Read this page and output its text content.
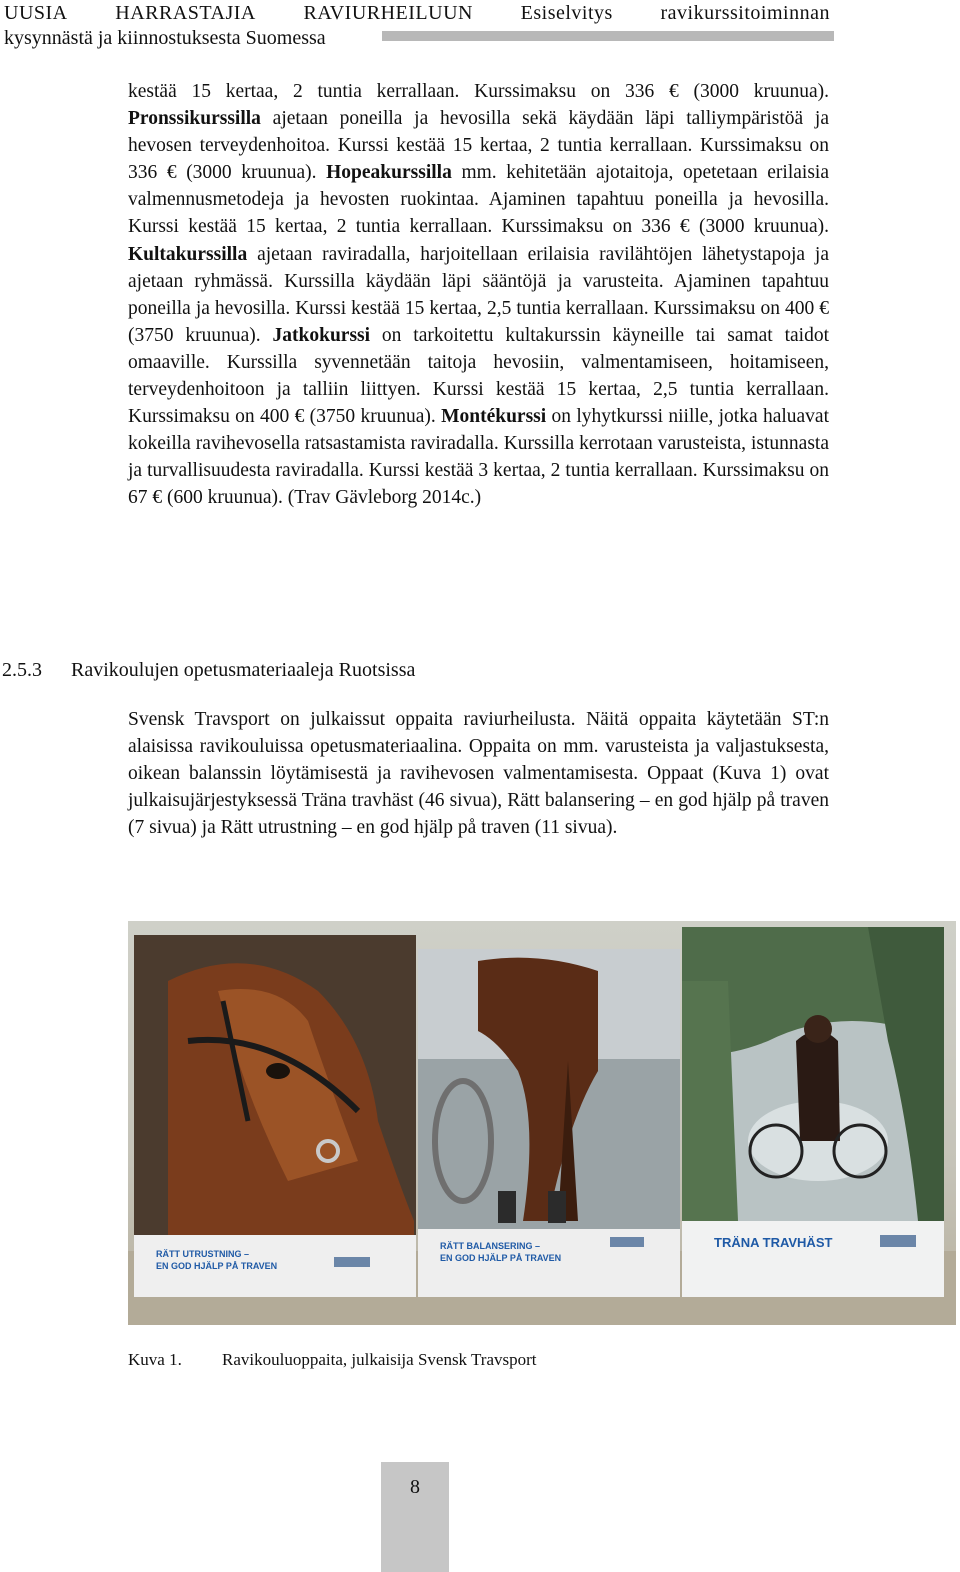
UUSIA HARRASTAJIA RAVIURHEILUUN Esiselvitys ravikurssitoiminnan
kysynnästä ja kiinnostuksesta Suomessa
kestää 15 kertaa, 2 tuntia kerrallaan. Kurssimaksu on 336 € (3000 kruunua). Pronssikurssilla ajetaan poneilla ja hevosilla sekä käydään läpi talliympäristöä ja hevosen terveydenhoitoa. Kurssi kestää 15 kertaa, 2 tuntia kerrallaan. Kurssimaksu on 336 € (3000 kruunua). Hopeakurssilla mm. kehitetään ajotaitoja, opetetaan erilaisia valmennusmetodeja ja hevosten ruokintaa. Ajaminen tapahtuu poneilla ja hevosilla. Kurssi kestää 15 kertaa, 2 tuntia kerrallaan. Kurssimaksu on 336 € (3000 kruunua). Kultakurssilla ajetaan raviradalla, harjoitellaan erilaisia ravilähtöjen lähetystapoja ja ajetaan ryhmässä. Kurssilla käydään läpi sääntöjä ja varusteita. Ajaminen tapahtuu poneilla ja hevosilla. Kurssi kestää 15 kertaa, 2,5 tuntia kerrallaan. Kurssimaksu on 400 € (3750 kruunua). Jatkokurssi on tarkoitettu kultakurssin käyneille tai samat taidot omaaville. Kurssilla syvennetään taitoja hevosiin, valmentamiseen, hoitamiseen, terveydenhoitoon ja talliin liittyen. Kurssi kestää 15 kertaa, 2,5 tuntia kerrallaan. Kurssimaksu on 400 € (3750 kruunua). Montékurssi on lyhytkurssi niille, jotka haluavat kokeilla ravihevosella ratsastamista raviradalla. Kurssilla kerrotaan varusteista, istunnasta ja turvallisuudesta raviradalla. Kurssi kestää 3 kertaa, 2 tuntia kerrallaan. Kurssimaksu on 67 € (600 kruunua). (Trav Gävleborg 2014c.)
2.5.3 Ravikoulujen opetusmateriaaleja Ruotsissa
Svensk Travsport on julkaissut oppaita raviurheilusta. Näitä oppaita käytetään ST:n alaisissa ravikouluissa opetusmateriaalina. Oppaita on mm. varusteista ja valjastuksesta, oikean balanssin löytämisestä ja ravihevosen valmentamisesta. Oppaat (Kuva 1) ovat julkaisujärjestyksessä Träna travhäst (46 sivua), Rätt balansering – en god hjälp på traven (7 sivua) ja Rätt utrustning – en god hjälp på traven (11 sivua).
RÄTT UTRUSTNING –
EN GOD HJÄLP PÅ TRAVEN
RÄTT BALANSERING –
EN GOD HJÄLP PÅ TRAVEN
TRÄNA TRAVHÄST
Kuva 1. Ravikouluoppaita, julkaisija Svensk Travsport
8
